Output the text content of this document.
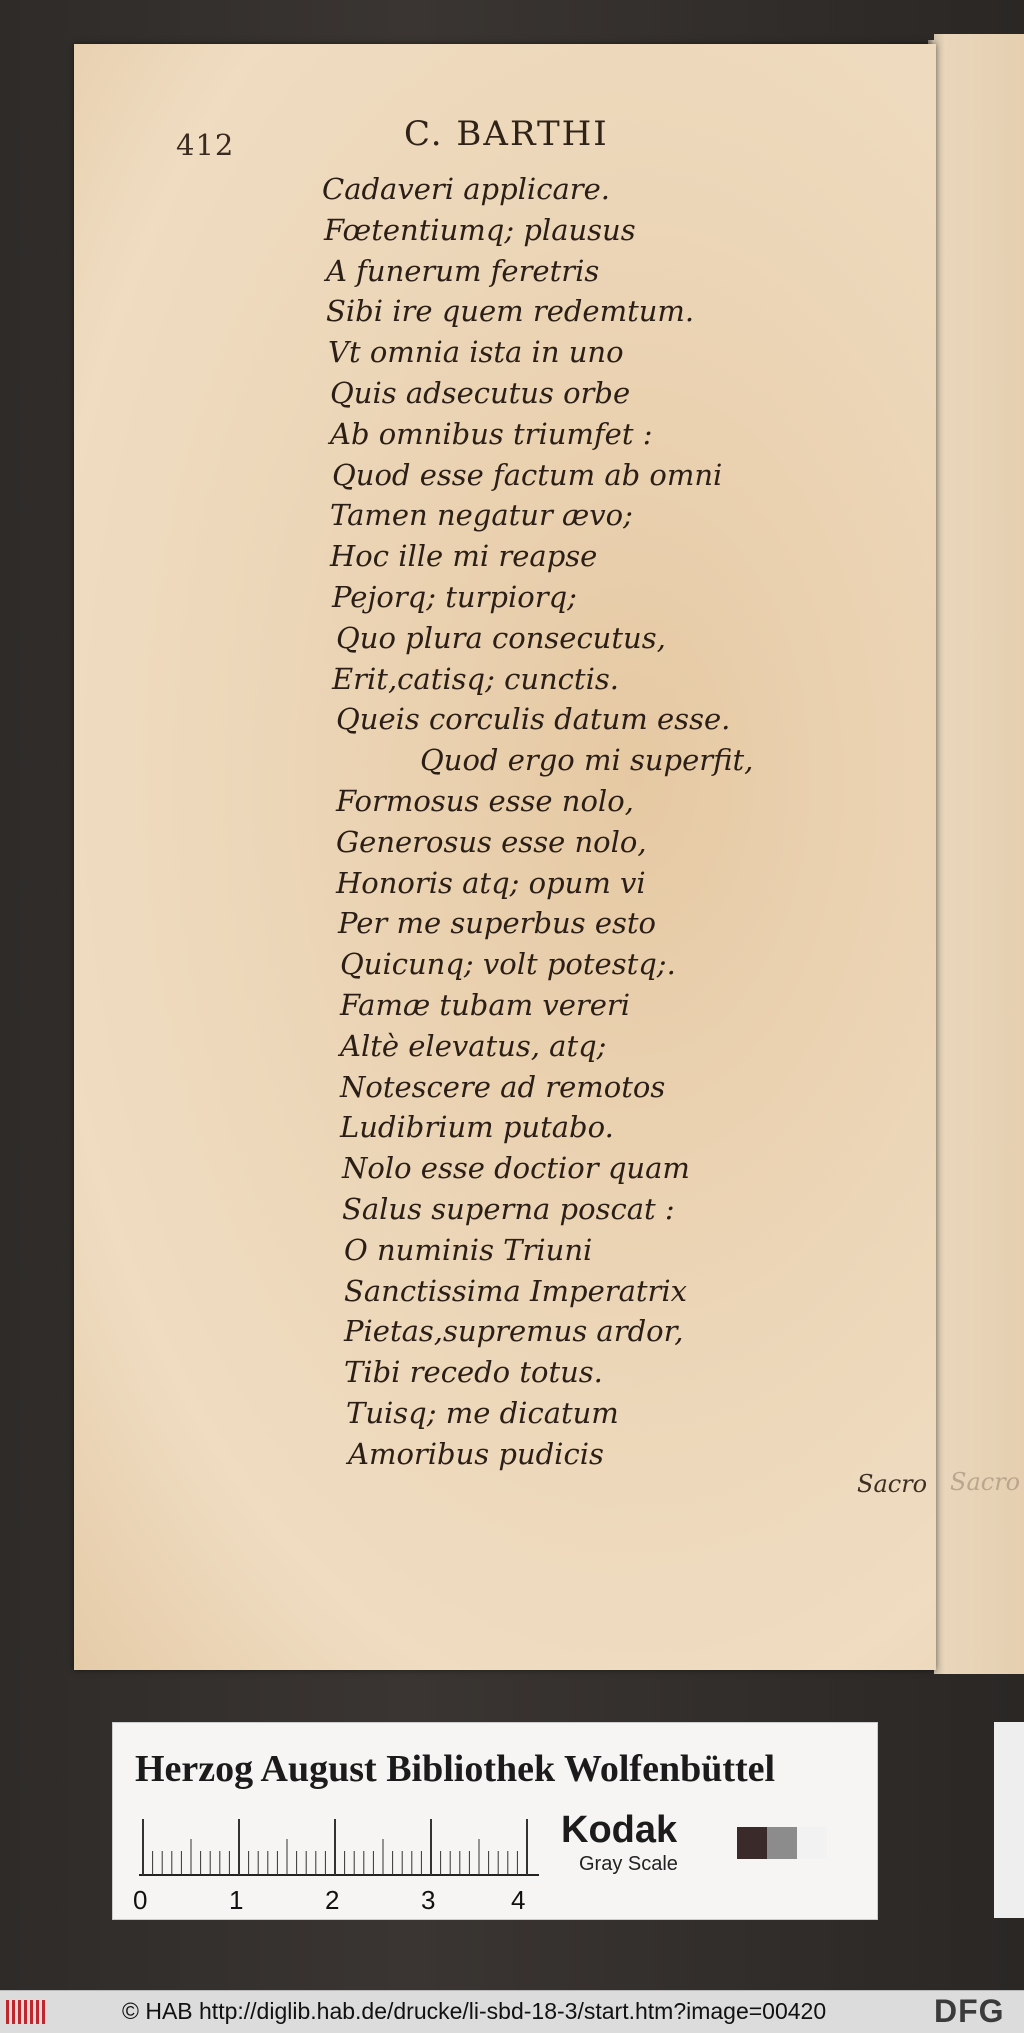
Sacro
412	C. BARTHI
Cadaveri applicare.
Fœtentiumq; plausus
A funerum feretris
Sibi ire quem redemtum.
Vt omnia ista in uno
Quis adsecutus orbe
Ab omnibus triumfet :
Quod esse factum ab omni
Tamen negatur ævo;
Hoc ille mi reapse
Pejorq; turpiorq;
Quo plura consecutus,
Erit,catisq; cunctis.
Queis corculis datum esse.
Quod ergo mi superfit,
Formosus esse nolo,
Generosus esse nolo,
Honoris atq; opum vi
Per me superbus esto
Quicunq; volt potestq;.
Famæ tubam vereri
Altè elevatus, atq;
Notescere ad remotos
Ludibrium putabo.
Nolo esse doctior quam
Salus superna poscat :
O numinis Triuni
Sanctissima Imperatrix
Pietas,supremus ardor,
Tibi recedo totus.
Tuisq; me dicatum
Amoribus pudicis
Sacro
Herzog August Bibliothek Wolfenbüttel
0	1	2	3	4
Kodak
Gray Scale
© HAB http://diglib.hab.de/drucke/li-sbd-18-3/start.htm?image=00420	DFG
